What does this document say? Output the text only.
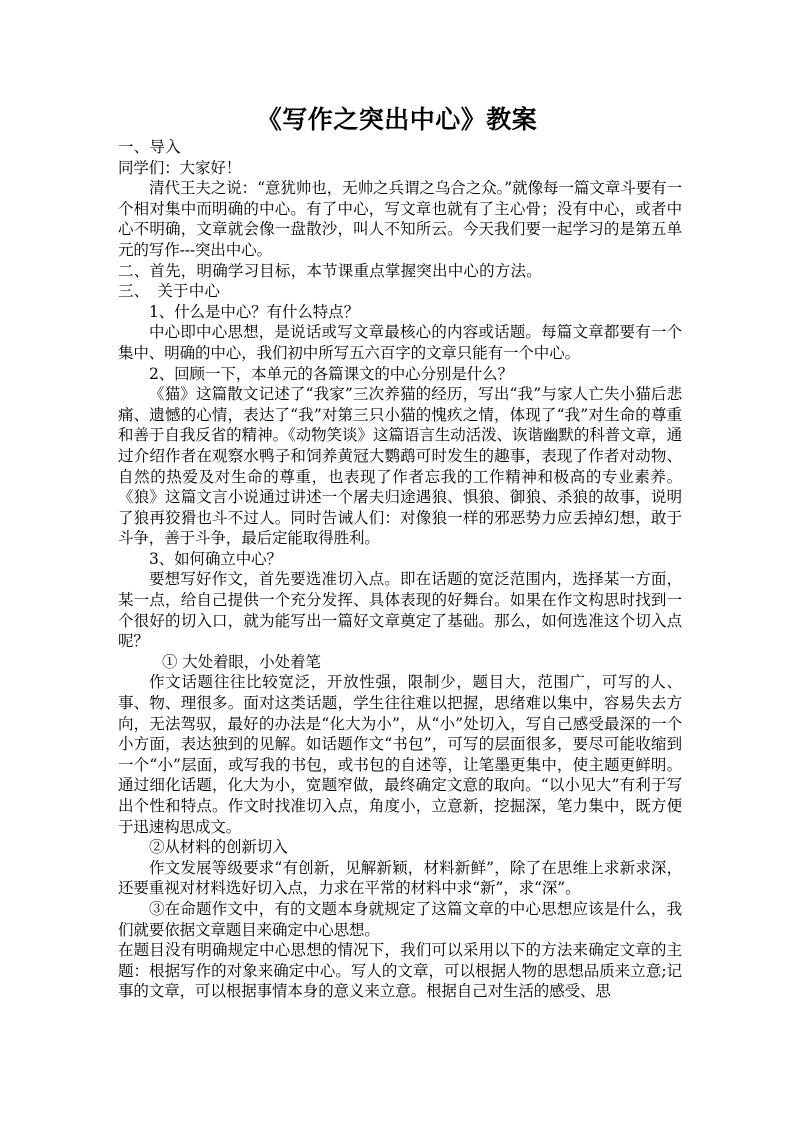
《写作之突出中心》教案

一、导入

同学们：大家好！

清代王夫之说：“意犹帅也，无帅之兵谓之乌合之众。”就像每一篇文章斗要有一个相对集中而明确的中心。有了中心，写文章也就有了主心骨；没有中心，或者中心不明确，文章就会像一盘散沙，叫人不知所云。今天我们要一起学习的是第五单元的写作---突出中心。

二、首先，明确学习目标，本节课重点掌握突出中心的方法。

三、　关于中心

1、什么是中心？有什么特点？

中心即中心思想，是说话或写文章最核心的内容或话题。每篇文章都要有一个集中、明确的中心，我们初中所写五六百字的文章只能有一个中心。

2、回顾一下，本单元的各篇课文的中心分别是什么？

《猫》这篇散文记述了“我家”三次养猫的经历，写出“我”与家人亡失小猫后悲痛、遗憾的心情，表达了“我”对第三只小猫的愧疚之情，体现了“我”对生命的尊重和善于自我反省的精神。《动物笑谈》这篇语言生动活泼、诙谐幽默的科普文章，通过介绍作者在观察水鸭子和饲养黄冠大鹦鹉可时发生的趣事，表现了作者对动物、自然的热爱及对生命的尊重，也表现了作者忘我的工作精神和极高的专业素养。《狼》这篇文言小说通过讲述一个屠夫归途遇狼、惧狼、御狼、杀狼的故事，说明了狼再狡猾也斗不过人。同时告诫人们：对像狼一样的邪恶势力应丢掉幻想，敢于斗争，善于斗争，最后定能取得胜利。

3、如何确立中心？

要想写好作文，首先要选准切入点。即在话题的宽泛范围内，选择某一方面，某一点，给自己提供一个充分发挥、具体表现的好舞台。如果在作文构思时找到一个很好的切入口，就为能写出一篇好文章奠定了基础。那么，如何选准这个切入点呢？

① 大处着眼，小处着笔

作文话题往往比较宽泛，开放性强，限制少，题目大，范围广，可写的人、事、物、理很多。面对这类话题，学生往往难以把握，思绪难以集中，容易失去方向，无法驾驭，最好的办法是“化大为小”，从“小”处切入，写自己感受最深的一个小方面，表达独到的见解。如话题作文“书包”，可写的层面很多，要尽可能收缩到一个“小”层面，或写我的书包，或书包的自述等，让笔墨更集中，使主题更鲜明。通过细化话题，化大为小，宽题窄做，最终确定文意的取向。“以小见大”有利于写出个性和特点。作文时找准切入点，角度小，立意新，挖掘深，笔力集中，既方便于迅速构思成文。

②从材料的创新切入

作文发展等级要求“有创新，见解新颖，材料新鲜”，除了在思维上求新求深，还要重视对材料选好切入点，力求在平常的材料中求“新”，求“深”。

③在命题作文中，有的文题本身就规定了这篇文章的中心思想应该是什么，我们就要依据文章题目来确定中心思想。

在题目没有明确规定中心思想的情况下，我们可以采用以下的方法来确定文章的主题：根据写作的对象来确定中心。写人的文章，可以根据人物的思想品质来立意;记事的文章，可以根据事情本身的意义来立意。根据自己对生活的感受、思
